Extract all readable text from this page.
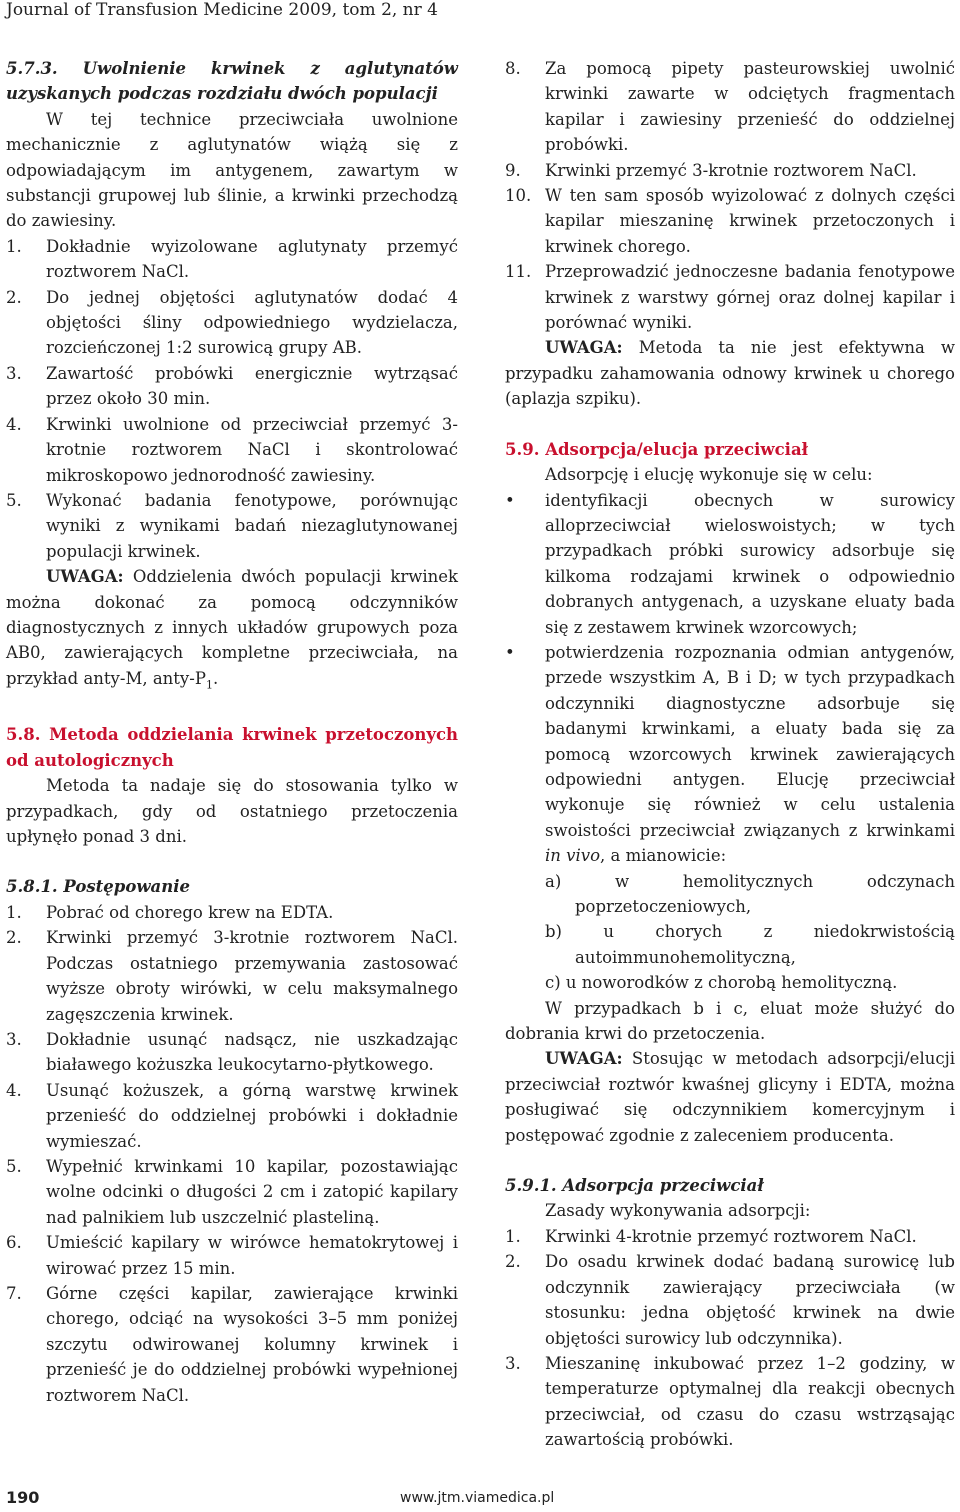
Journal of Transfusion Medicine 2009, tom 2, nr 4

5.7.3. Uwolnienie krwinek z aglutynatów uzyskanych podczas rozdziału dwóch populacji

W tej technice przeciwciała uwolnione mechanicznie z aglutynatów wiążą się z odpowiadającym im antygenem, zawartym w substancji grupowej lub ślinie, a krwinki przechodzą do zawiesiny.

1.	Dokładnie wyizolowane aglutynaty przemyć roztworem NaCl.
2.	Do jednej objętości aglutynatów dodać 4 objętości śliny odpowiedniego wydzielacza, rozcieńczonej 1:2 surowicą grupy AB.
3.	Zawartość probówki energicznie wytrząsać przez około 30 min.
4.	Krwinki uwolnione od przeciwciał przemyć 3-krotnie roztworem NaCl i skontrolować mikroskopowo jednorodność zawiesiny.
5.	Wykonać badania fenotypowe, porównując wyniki z wynikami badań niezaglutynowanej populacji krwinek.

UWAGA: Oddzielenia dwóch populacji krwinek można dokonać za pomocą odczynników diagnostycznych z innych układów grupowych poza AB0, zawierających kompletne przeciwciała, na przykład anty-M, anty-$P_1$.

5.8. Metoda oddzielania krwinek przetoczonych od autologicznych

Metoda ta nadaje się do stosowania tylko w przypadkach, gdy od ostatniego przetoczenia upłynęło ponad 3 dni.

5.8.1. Postępowanie

1.	Pobrać od chorego krew na EDTA.
2.	Krwinki przemyć 3-krotnie roztworem NaCl. Podczas ostatniego przemywania zastosować wyższe obroty wirówki, w celu maksymalnego zagęszczenia krwinek.
3.	Dokładnie usunąć nadsącz, nie uszkadzając białawego kożuszka leukocytarno-płytkowego.
4.	Usunąć kożuszek, a górną warstwę krwinek przenieść do oddzielnej probówki i dokładnie wymieszać.
5.	Wypełnić krwinkami 10 kapilar, pozostawiając wolne odcinki o długości 2 cm i zatopić kapilary nad palnikiem lub uszczelnić plasteliną.
6.	Umieścić kapilary w wirówce hematokrytowej i wirować przez 15 min.
7.	Górne części kapilar, zawierające krwinki chorego, odciąć na wysokości 3–5 mm poniżej szczytu odwirowanej kolumny krwinek i przenieść je do oddzielnej probówki wypełnionej roztworem NaCl.
8.	Za pomocą pipety pasteurowskiej uwolnić krwinki zawarte w odciętych fragmentach kapilar i zawiesiny przenieść do oddzielnej probówki.
9.	Krwinki przemyć 3-krotnie roztworem NaCl.
10. W ten sam sposób wyizolować z dolnych części kapilar mieszaninę krwinek przetoczonych i krwinek chorego.
11. Przeprowadzić jednoczesne badania fenotypowe krwinek z warstwy górnej oraz dolnej kapilar i porównać wyniki.

UWAGA: Metoda ta nie jest efektywna w przypadku zahamowania odnowy krwinek u chorego (aplazja szpiku).

5.9. Adsorpcja/elucja przeciwciał

Adsorpcję i elucję wykonuje się w celu:

•	identyfikacji obecnych w surowicy alloprzeciwciał wieloswoistych; w tych przypadkach próbki surowicy adsorbuje się kilkoma rodzajami krwinek o odpowiednio dobranych antygenach, a uzyskane eluaty bada się z zestawem krwinek wzorcowych;
•	potwierdzenia rozpoznania odmian antygenów, przede wszystkim A, B i D; w tych przypadkach odczynniki diagnostyczne adsorbuje się badanymi krwinkami, a eluaty bada się za pomocą wzorcowych krwinek zawierających odpowiedni antygen. Elucję przeciwciał wykonuje się również w celu ustalenia swoistości przeciwciał związanych z krwinkami in vivo, a mianowicie:

a) w hemolitycznych odczynach poprzetoczeniowych,

b) u chorych z niedokrwistością autoimmunohemolityczną,

c) u noworodków z chorobą hemolityczną.

W przypadkach b i c, eluat może służyć do dobrania krwi do przetoczenia.

UWAGA: Stosując w metodach adsorpcji/elucji przeciwciał roztwór kwaśnej glicyny i EDTA, można posługiwać się odczynnikiem komercyjnym i postępować zgodnie z zaleceniem producenta.

5.9.1. Adsorpcja przeciwciał

Zasady wykonywania adsorpcji:

1.	Krwinki 4-krotnie przemyć roztworem NaCl.
2.	Do osadu krwinek dodać badaną surowicę lub odczynnik zawierający przeciwciała (w stosunku: jedna objętość krwinek na dwie objętości surowicy lub odczynnika).
3.	Mieszaninę inkubować przez 1–2 godziny, w temperaturze optymalnej dla reakcji obecnych przeciwciał, od czasu do czasu wstrząsając zawartością probówki.
190	www.jtm.viamedica.pl
